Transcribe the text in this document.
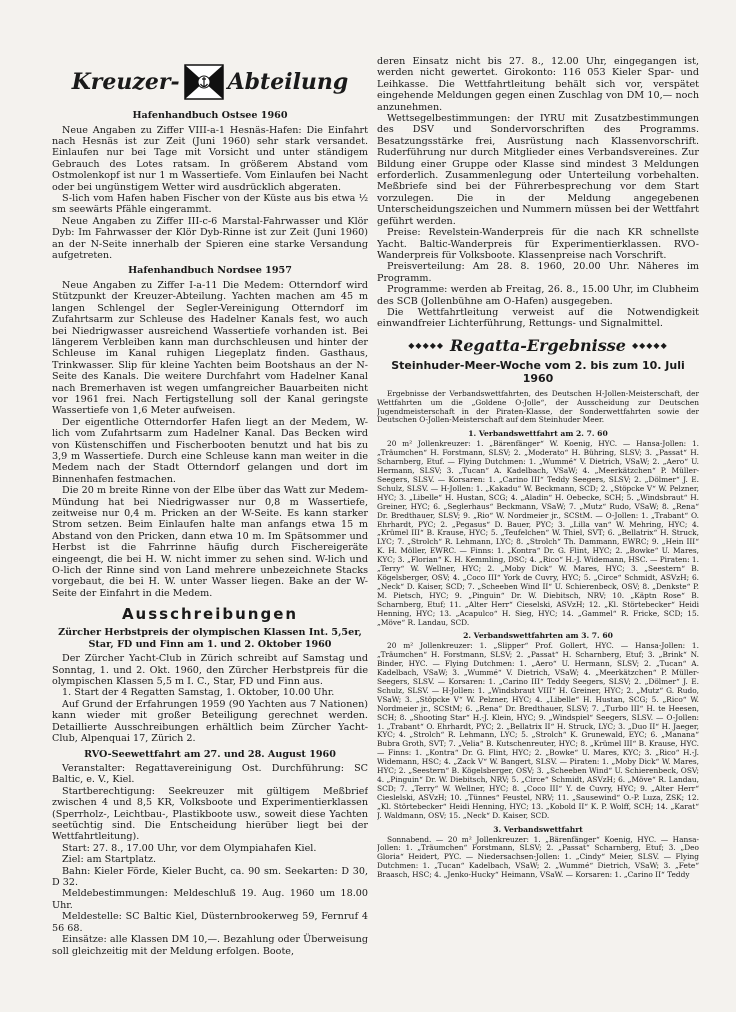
Kreuzer- Abteilung
Hafenhandbuch Ostsee 1960

Neue Angaben zu Ziffer VIII-a-1 Hesnäs-Hafen: Die Einfahrt nach Hesnäs ist zur Zeit (Juni 1960) sehr stark versandet. Einlaufen nur bei Tage mit Vorsicht und unter ständigem Gebrauch des Lotes ratsam. In größerem Abstand vom Ostmolenkopf ist nur 1 m Wassertiefe. Vom Einlaufen bei Nacht oder bei ungünstigem Wetter wird ausdrücklich abgeraten.

S-lich vom Hafen haben Fischer von der Küste aus bis etwa ½ sm seewärts Pfähle eingerammt.

Neue Angaben zu Ziffer III-c-6 Marstal-Fahrwasser und Klör Dyb: Im Fahrwasser der Klör Dyb-Rinne ist zur Zeit (Juni 1960) an der N-Seite innerhalb der Spieren eine starke Versandung aufgetreten.

Hafenhandbuch Nordsee 1957

Neue Angaben zu Ziffer I-a-11 Die Medem: Otterndorf wird Stützpunkt der Kreuzer-Abteilung. Yachten machen am 45 m langen Schlengel der Segler-Vereinigung Otterndorf im Zufahrtsarm zur Schleuse des Hadelner Kanals fest, wo auch bei Niedrigwasser ausreichend Wassertiefe vorhanden ist. Bei längerem Verbleiben kann man durchschleusen und hinter der Schleuse im Kanal ruhigen Liegeplatz finden. Gasthaus, Trinkwasser. Slip für kleine Yachten beim Bootshaus an der N-Seite des Kanals. Die weitere Durchfahrt vom Hadelner Kanal nach Bremerhaven ist wegen umfangreicher Bauarbeiten nicht vor 1961 frei. Nach Fertigstellung soll der Kanal geringste Wassertiefe von 1,6 Meter aufweisen.

Der eigentliche Otterndorfer Hafen liegt an der Medem, W-lich vom Zufahrtsarm zum Hadelner Kanal. Das Becken wird von Küstenschiffen und Fischerbooten benutzt und hat bis zu 3,9 m Wassertiefe. Durch eine Schleuse kann man weiter in die Medem nach der Stadt Otterndorf gelangen und dort im Binnenhafen festmachen.

Die 20 m breite Rinne von der Elbe über das Watt zur Medem-Mündung hat bei Niedrigwasser nur 0,8 m Wassertiefe, zeitweise nur 0,4 m. Pricken an der W-Seite. Es kann starker Strom setzen. Beim Einlaufen halte man anfangs etwa 15 m Abstand von den Pricken, dann etwa 10 m. Im Spätsommer und Herbst ist die Fahrrinne häufig durch Fischereigeräte eingeengt, die bei H. W. nicht immer zu sehen sind. W-lich und O-lich der Rinne sind von Land mehrere unbezeichnete Stacks vorgebaut, die bei H. W. unter Wasser liegen. Bake an der W-Seite der Einfahrt in die Medem.

Ausschreibungen
Zürcher Herbstpreis der olympischen Klassen Int. 5,5er, Star, FD und Finn am 1. und 2. Oktober 1960

Der Zürcher Yacht-Club in Zürich schreibt auf Samstag und Sonntag, 1. und 2. Okt. 1960, den Zürcher Herbstpreis für die olympischen Klassen 5,5 m I. C., Star, FD und Finn aus.

1. Start der 4 Regatten Samstag, 1. Oktober, 10.00 Uhr.

Auf Grund der Erfahrungen 1959 (90 Yachten aus 7 Nationen) kann wieder mit großer Beteiligung gerechnet werden. Detaillierte Ausschreibungen erhältlich beim Zürcher Yacht-Club, Alpenquai 17, Zürich 2.

RVO-Seewettfahrt am 27. und 28. August 1960

Veranstalter: Regattavereinigung Ost. Durchführung: SC Baltic, e. V., Kiel.

Startberechtigung: Seekreuzer mit gültigem Meßbrief zwischen 4 und 8,5 KR, Volksboote und Experimentierklassen (Sperrholz-, Leichtbau-, Plastikboote usw., soweit diese Yachten seetüchtig sind. Die Entscheidung hierüber liegt bei der Wettfahrtleitung).

Start: 27. 8., 17.00 Uhr, vor dem Olympiahafen Kiel.

Ziel: am Startplatz.

Bahn: Kieler Förde, Kieler Bucht, ca. 90 sm. Seekarten: D 30, D 32.

Meldebestimmungen: Meldeschluß 19. Aug. 1960 um 18.00 Uhr.

Meldestelle: SC Baltic Kiel, Düsternbrookerweg 59, Fernruf 4 56 68.

Einsätze: alle Klassen DM 10,—. Bezahlung oder Überweisung soll gleichzeitig mit der Meldung erfolgen. Boote,

deren Einsatz nicht bis 27. 8., 12.00 Uhr, eingegangen ist, werden nicht gewertet. Girokonto: 116 053 Kieler Spar- und Leihkasse. Die Wettfahrtleitung behält sich vor, verspätet eingehende Meldungen gegen einen Zuschlag von DM 10,— noch anzunehmen.

Wettsegelbestimmungen: der IYRU mit Zusatzbestimmungen des DSV und Sondervorschriften des Programms. Besatzungsstärke frei, Ausrüstung nach Klassenvorschrift. Ruderführung nur durch Mitglieder eines Verbandsvereines. Zur Bildung einer Gruppe oder Klasse sind mindest 3 Meldungen erforderlich. Zusammenlegung oder Unterteilung vorbehalten. Meßbriefe sind bei der Führerbesprechung vor dem Start vorzulegen. Die in der Meldung angegebenen Unterscheidungszeichen und Nummern müssen bei der Wettfahrt geführt werden.

Preise: Revelstein-Wanderpreis für die nach KR schnellste Yacht. Baltic-Wanderpreis für Experimentierklassen. RVO-Wanderpreis für Volksboote. Klassenpreise nach Vorschrift.

Preisverteilung: Am 28. 8. 1960, 20.00 Uhr. Näheres im Programm.

Programme: werden ab Freitag, 26. 8., 15.00 Uhr, im Clubheim des SCB (Jollenbühne am O-Hafen) ausgegeben.

Die Wettfahrtleitung verweist auf die Notwendigkeit einwandfreier Lichterführung, Rettungs- und Signalmittel.

◆◆◆◆◆ Regatta-Ergebnisse ◆◆◆◆◆
Steinhuder-Meer-Woche vom 2. bis zum 10. Juli 1960

Ergebnisse der Verbandswettfahrten, des Deutschen H-Jollen-Meisterschaft, der Wettfahrten um die „Goldene O-Jolle“, der Ausscheidung zur Deutschen Jugendmeisterschaft in der Piraten-Klasse, der Sonderwettfahrten sowie der Deutschen O-Jollen-Meisterschaft auf dem Steinhuder Meer.

1. Verbandswettfahrt am 2. 7. 60

20 m² Jollenkreuzer: 1. „Bärenfänger“ W. Koenig, HYC. — Hansa-Jollen: 1. „Träumchen“ H. Forstmann, SLSV; 2. „Moderato“ H. Bühring, SLSV; 3. „Passat“ H. Scharnberg, Etuf. — Flying Dutchmen: 1. „Wummé“ V. Dietrich, VSaW; 2. „Aero“ U. Hermann, SLSV; 3. „Tucan“ A. Kadelbach, VSaW; 4. „Meerkätzchen“ P. Müller-Seegers, SLSV. — Korsaren: 1. „Carino III“ Teddy Seegers, SLSV; 2. „Dölmer“ J. E. Schulz, SLSV. — H-Jollen: 1. „Kakadu“ W. Beckmann, SCD; 2. „Stöpcke V“ W. Pelzner, HYC; 3. „Libelle“ H. Hustan, SCG; 4. „Aladin“ H. Oebecke, SCH; 5. „Windsbraut“ H. Greiner, HYC; 6. „Seglerhaus“ Beckmann, VSaW; 7. „Mutz“ Rudo, VSaW; 8. „Rena“ Dr. Bredthauer, SLSV; 9. „Rio“ W. Nordmeier jr., SCStM. — O-Jollen: 1. „Trabant“ O. Ehrhardt, PYC; 2. „Pegasus“ D. Bauer, PYC; 3. „Lilla van“ W. Mehring, HYC; 4. „Krümel III“ B. Krause, HYC; 5. „Teufelchen“ W. Thiel, SVT; 6. „Bellatrix“ H. Struck, LYC; 7. „Strolch“ R. Lehmann, LYC; 8. „Strolch“ Th. Dammann, EWRC; 9. „Hein III“ K. H. Möller, EWRC. — Finns: 1. „Kontra“ Dr. G. Flint, HYC; 2. „Bowke“ U. Mares, KYC; 3. „Florian“ K. H. Kemmling, DSC; 4. „Rico“ H.-J. Widemann, HSC. — Piraten: 1. „Terry“ W. Wellner, HYC; 2. „Moby Dick“ W. Mares, HYC; 3. „Seestern“ B. Kögelsberger, OSV; 4. „Coco III“ York de Cuvry, HYC; 5. „Circe“ Schmidt, ASVzH; 6. „Neck“ D. Kaiser, SCD; 7. „Scheeben Wind II“ U. Schierenbeck, OSV; 8. „Denkste“ P. M. Pietsch, HYC; 9. „Pinguin“ Dr. W. Diebitsch, NRV; 10. „Käptn Rose“ B. Scharnberg, Etuf; 11. „Alter Herr“ Cieselski, ASVzH; 12. „Kl. Störtebecker“ Heidi Henning, HYC; 13. „Acapulco“ H. Sieg, HYC; 14. „Gammel“ R. Fricke, SCD; 15. „Möve“ R. Landau, SCD.

2. Verbandswettfahrten am 3. 7. 60

20 m² Jollenkreuzer: 1. „Slipper“ Prof. Gollert, HYC. — Hansa-Jollen: 1. „Träumchen“ H. Forstmann, SLSV; 2. „Passat“ H. Scharnberg, Etuf; 3. „Brink“ N. Binder, HYC. — Flying Dutchmen: 1. „Aero“ U. Hermann, SLSV; 2. „Tucan“ A. Kadelbach, VSaW; 3. „Wummé“ V. Dietrich, VSaW; 4. „Meerkätzchen“ P. Müller-Seegers, SLSV. — Korsaren: 1. „Carino III“ Teddy Seegers, SLSV; 2. „Dölmer“ J. E. Schulz, SLSV. — H-Jollen: 1. „Windsbraut VIII“ H. Greiner, HYC; 2. „Mutz“ G. Rudo, VSaW; 3. „Stöpcke V“ W. Pelzner, HYC; 4. „Libelle“ H. Hustan, SCG; 5. „Rico“ W. Nordmeier jr., SCStM; 6. „Rena“ Dr. Bredthauer, SLSV; 7. „Turbo III“ H. te Heesen, SCH; 8. „Shooting Star“ H.-J. Klein, HYC; 9. „Windspiel“ Seegers, SLSV. — O-Jollen: 1. „Trabant“ O. Ehrhardt, PYC; 2. „Bellatrix II“ H. Struck, LYC; 3. „Duo II“ H. Jaeger, KYC; 4. „Strolch“ R. Lehmann, LYC; 5. „Strolch“ K. Grunewald, EYC; 6. „Manana“ Bubra Groth, SVT; 7. „Velia“ B. Kutschenreuter, HYC; 8. „Krümel III“ B. Krause, HYC. — Finns: 1. „Kontra“ Dr. G. Flint, HYC; 2. „Bowke“ U. Mares, KYC; 3. „Rico“ H.-J. Widemann, HSC; 4. „Zack V“ W. Bangert, SLSV. — Piraten: 1. „Moby Dick“ W. Mares, HYC; 2. „Seestern“ B. Kögelsberger, OSV; 3. „Scheeben Wind“ U. Schierenbeck, OSV; 4. „Pinguin“ Dr. W. Diebitsch, NRV; 5. „Circe“ Schmidt, ASVzH; 6. „Möve“ R. Landau, SCD; 7. „Terry“ W. Wellner, HYC; 8. „Coco III“ Y. de Cuvry, HYC; 9. „Alter Herr“ Cieslelski, ASVzH; 10. „Tünnes“ Feustel, NRV; 11. „Sausewind“ O.-P. Luza, ZSK; 12. „Kl. Störtebecker“ Heidi Henning, HYC; 13. „Kobold II“ K. P. Wolff, SCH; 14. „Karat“ J. Waldmann, OSV; 15. „Neck“ D. Kaiser, SCD.

3. Verbandswettfahrt

Sonnabend. — 20 m² Jollenkreuzer: 1. „Bärenfänger“ Koenig, HYC. — Hansa-Jollen: 1. „Träumchen“ Forstmann, SLSV; 2. „Passat“ Scharnberg, Etuf; 3. „Deo Gloria“ Heidert, PYC. — Niedersachsen-Jollen: 1. „Cindy“ Meier, SLSV. — Flying Dutchmen: 1. „Tucan“ Kadelbach, VSaW; 2. „Wummé“ Dietrich, VSaW; 3. „Fete“ Braasch, HSC; 4. „Jenko-Hucky“ Heimann, VSaW. — Korsaren: 1. „Carino II“ Teddy
